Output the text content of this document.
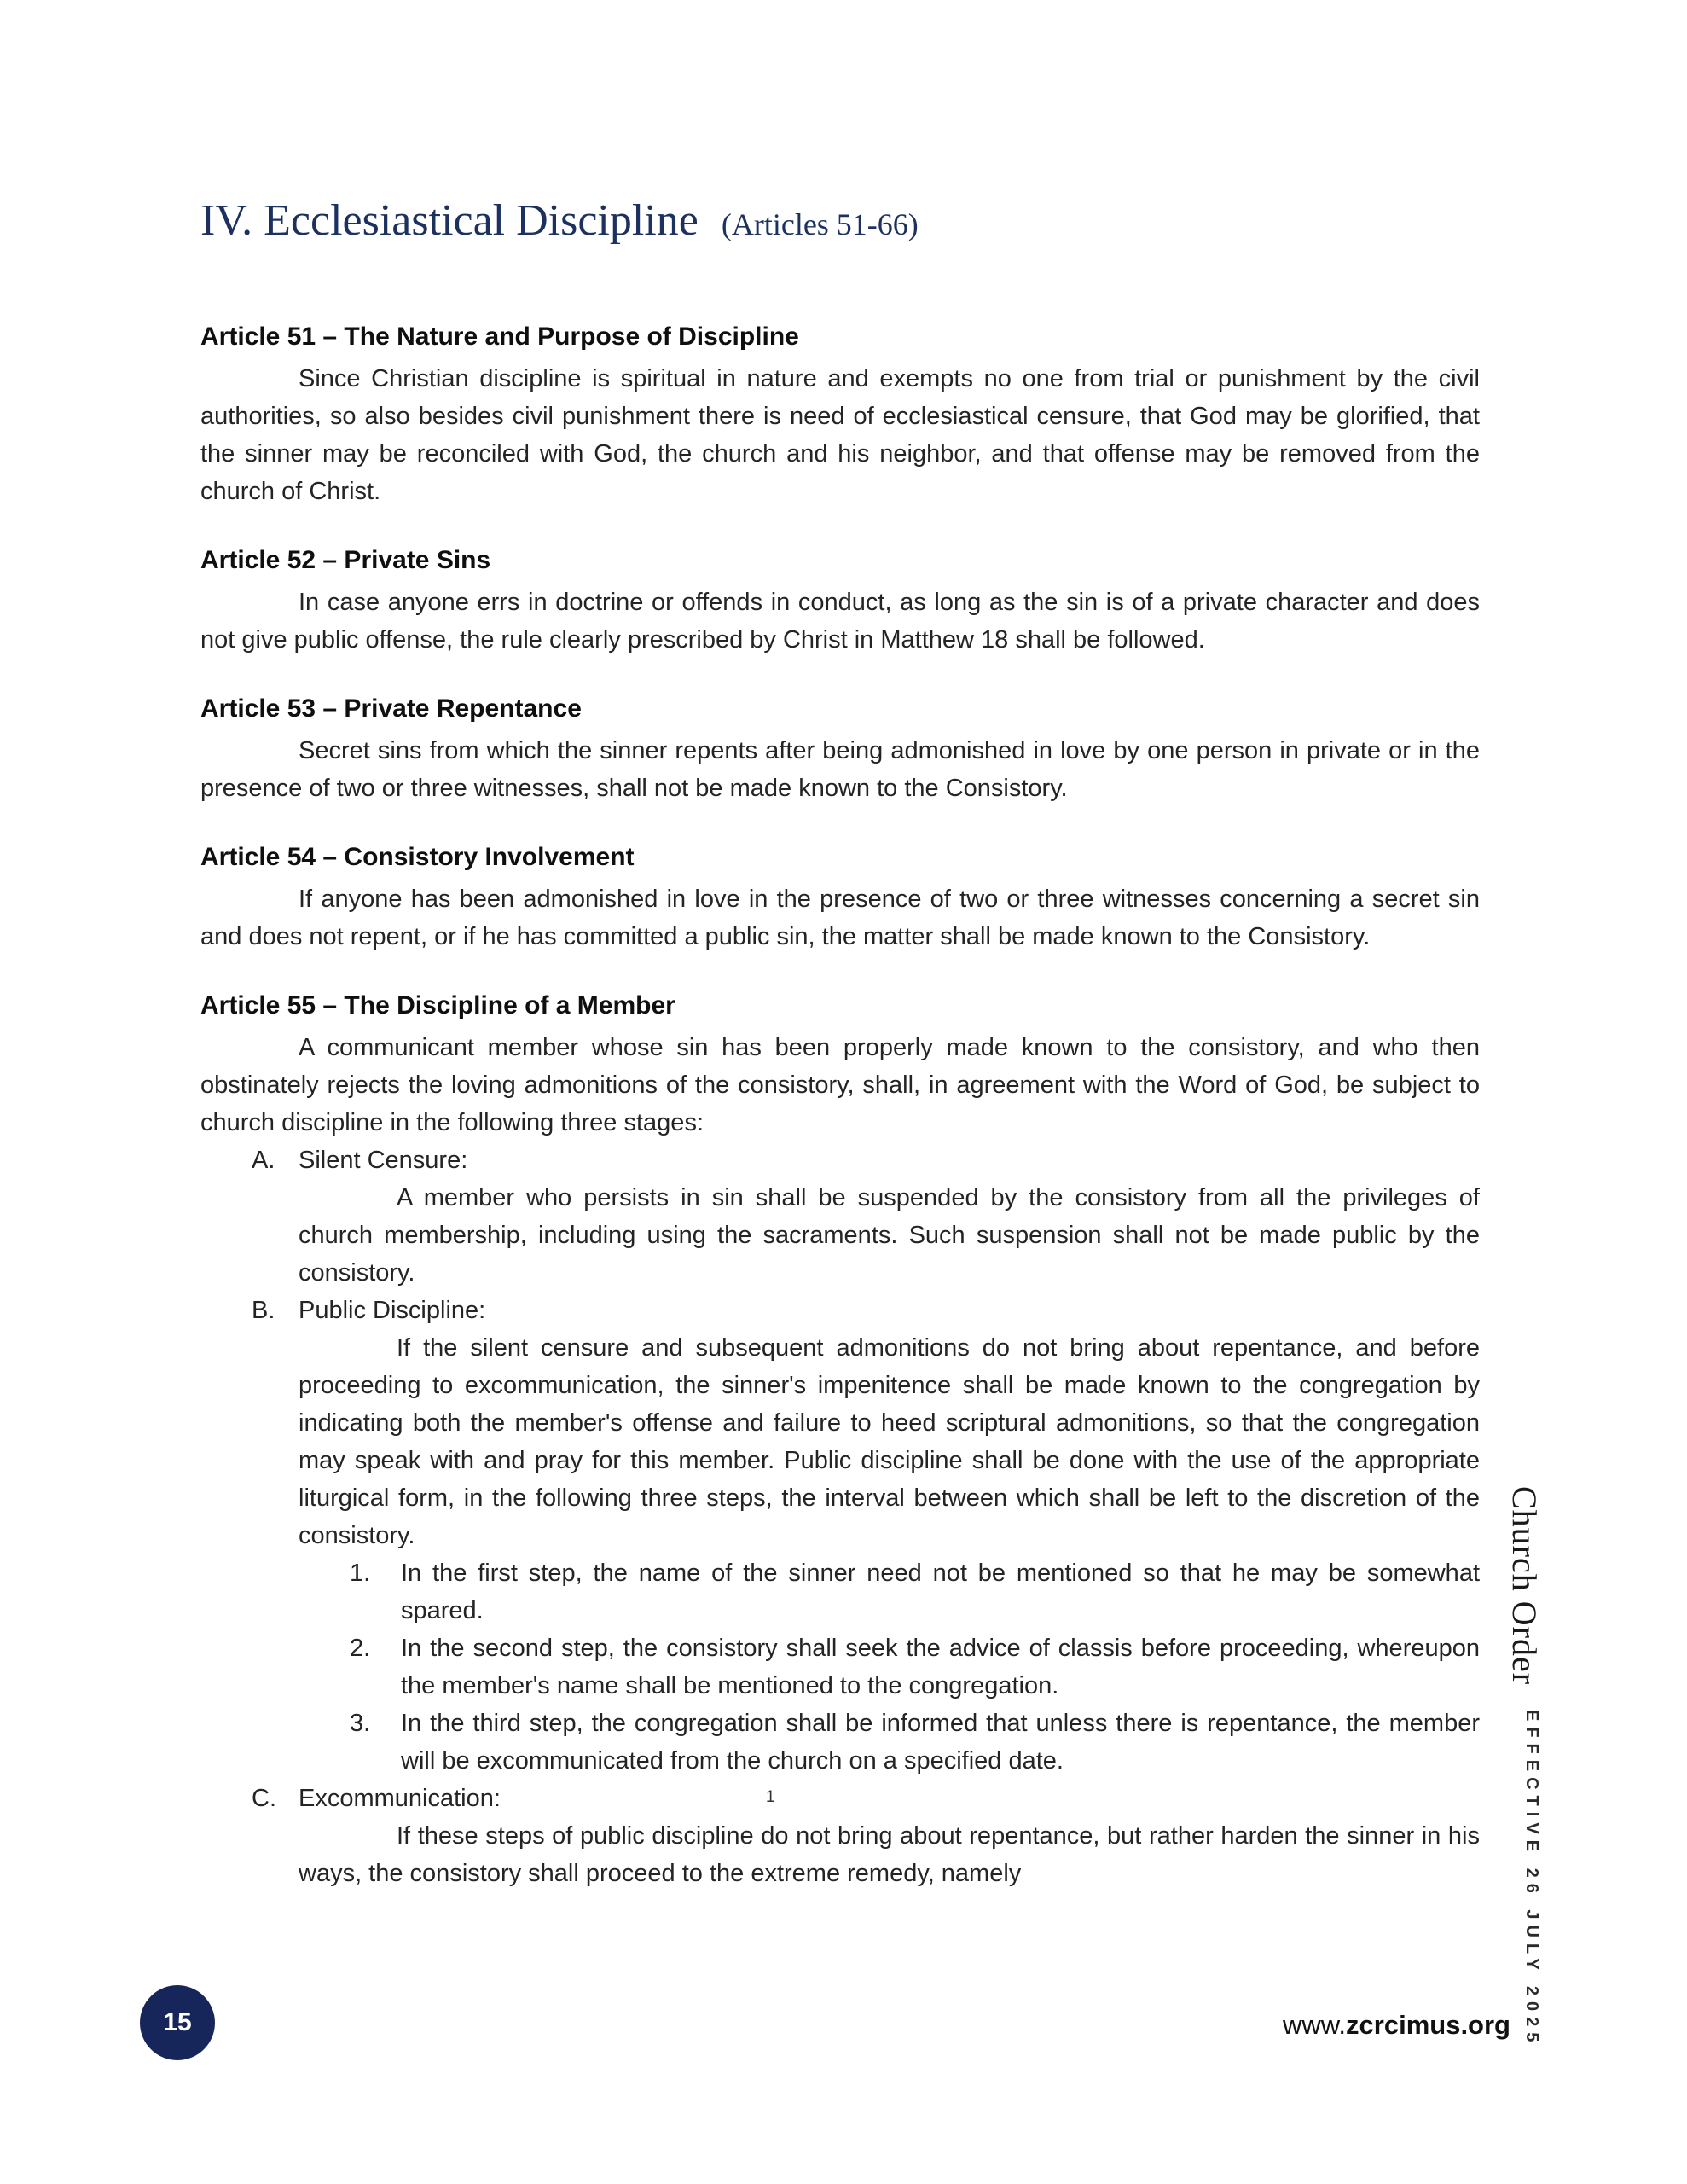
IV. Ecclesiastical Discipline (Articles 51-66)
Article 51 – The Nature and Purpose of Discipline

Since Christian discipline is spiritual in nature and exempts no one from trial or punishment by the civil authorities, so also besides civil punishment there is need of ecclesiastical censure, that God may be glorified, that the sinner may be reconciled with God, the church and his neighbor, and that offense may be removed from the church of Christ.

Article 52 – Private Sins

In case anyone errs in doctrine or offends in conduct, as long as the sin is of a private character and does not give public offense, the rule clearly prescribed by Christ in Matthew 18 shall be followed.

Article 53 – Private Repentance

Secret sins from which the sinner repents after being admonished in love by one person in private or in the presence of two or three witnesses, shall not be made known to the Consistory.

Article 54 – Consistory Involvement

If anyone has been admonished in love in the presence of two or three witnesses concerning a secret sin and does not repent, or if he has committed a public sin, the matter shall be made known to the Consistory.

Article 55 – The Discipline of a Member

A communicant member whose sin has been properly made known to the consistory, and who then obstinately rejects the loving admonitions of the consistory, shall, in agreement with the Word of God, be subject to church discipline in the following three stages:

A. Silent Censure:

A member who persists in sin shall be suspended by the consistory from all the privileges of church membership, including using the sacraments. Such suspension shall not be made public by the consistory.

B. Public Discipline:

If the silent censure and subsequent admonitions do not bring about repentance, and before proceeding to excommunication, the sinner's impenitence shall be made known to the congregation by indicating both the member's offense and failure to heed scriptural admonitions, so that the congregation may speak with and pray for this member. Public discipline shall be done with the use of the appropriate liturgical form, in the following three steps, the interval between which shall be left to the discretion of the consistory.

1.	In the first step, the name of the sinner need not be mentioned so that he may be somewhat spared.

2.	In the second step, the consistory shall seek the advice of classis before proceeding, whereupon the member's name shall be mentioned to the congregation.

3.	In the third step, the congregation shall be informed that unless there is repentance, the member will be excommunicated from the church on a specified date.

C. Excommunication:

If these steps of public discipline do not bring about repentance, but rather harden the sinner in his ways, the consistory shall proceed to the extreme remedy, namely

1
Church Order
EFFECTIVE 26 JULY 2025
15	www.zcrcimus.org
